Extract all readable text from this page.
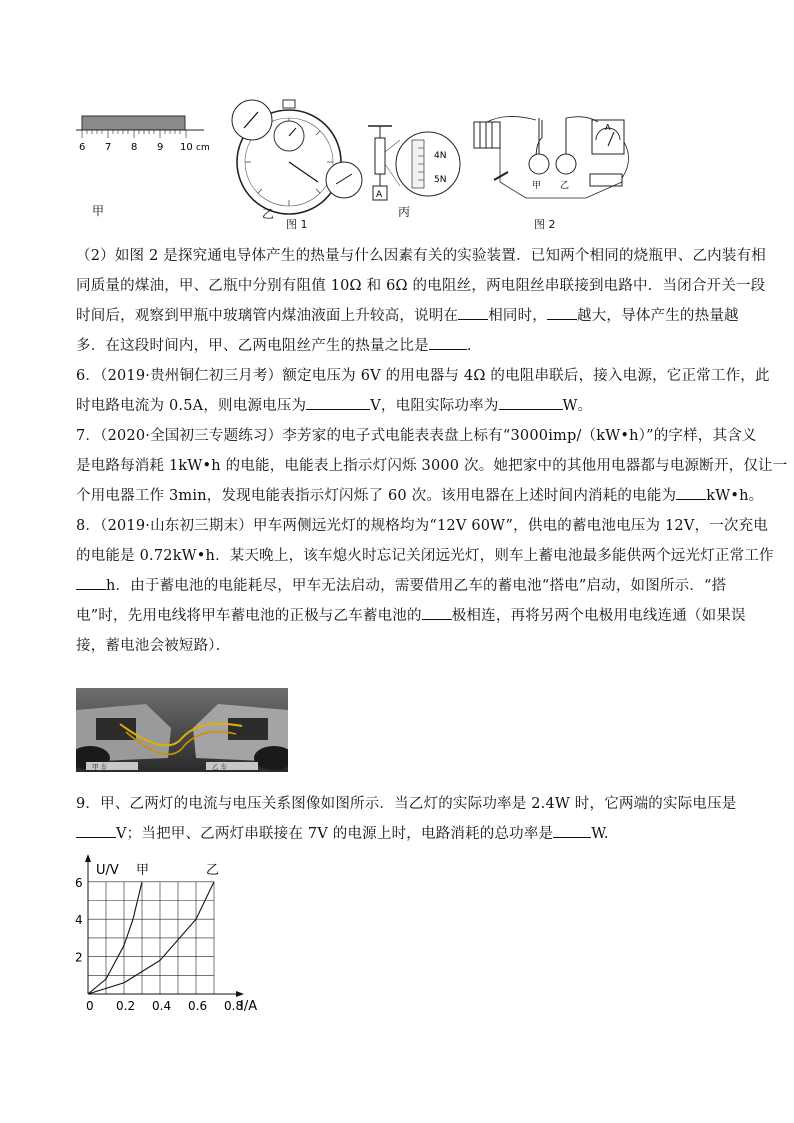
6 7 8 9 10 cm
甲	乙
A
4N
5N
丙
图 1
甲 乙
A
图 2
（2）如图 2 是探究通电导体产生的热量与什么因素有关的实验装置．已知两个相同的烧瓶甲、乙内装有相
同质量的煤油，甲、乙瓶中分别有阻值 10Ω 和 6Ω 的电阻丝，两电阻丝串联接到电路中．当闭合开关一段
时间后，观察到甲瓶中玻璃管内煤油液面上升较高，说明在 相同时， 越大，导体产生的热量越
多．在这段时间内，甲、乙两电阻丝产生的热量之比是	．
6．（2019·贵州铜仁初三月考）额定电压为 6V 的用电器与 4Ω 的电阻串联后，接入电源，它正常工作，此
时电路电流为 0.5A，则电源电压为	V，电阻实际功率为	W。
7．（2020·全国初三专题练习）李芳家的电子式电能表表盘上标有“3000imp/（kW•h）”的字样，其含义
是电路每消耗 1kW•h 的电能，电能表上指示灯闪烁 3000 次。她把家中的其他用电器都与电源断开，仅让一
个用电器工作 3min，发现电能表指示灯闪烁了 60 次。该用电器在上述时间内消耗的电能为 kW•h。
8．（2019·山东初三期末）甲车两侧远光灯的规格均为“12V 60W”，供电的蓄电池电压为 12V，一次充电
的电能是 0.72kW•h．某天晚上，该车熄火时忘记关闭远光灯，则车上蓄电池最多能供两个远光灯正常工作
h．由于蓄电池的电能耗尽，甲车无法启动，需要借用乙车的蓄电池“搭电”启动，如图所示．“搭
电”时，先用电线将甲车蓄电池的正极与乙车蓄电池的 极相连，再将另两个电极用电线连通（如果误
接，蓄电池会被短路）．
甲 车	乙 车
9．甲、乙两灯的电流与电压关系图像如图所示．当乙灯的实际功率是 2.4W 时，它两端的实际电压是
V；当把甲、乙两灯串联接在 7V 的电源上时，电路消耗的总功率是	W.
U/V
I/A
0 0.2 0.4 0.6 0.8
2
4
6
甲	乙
